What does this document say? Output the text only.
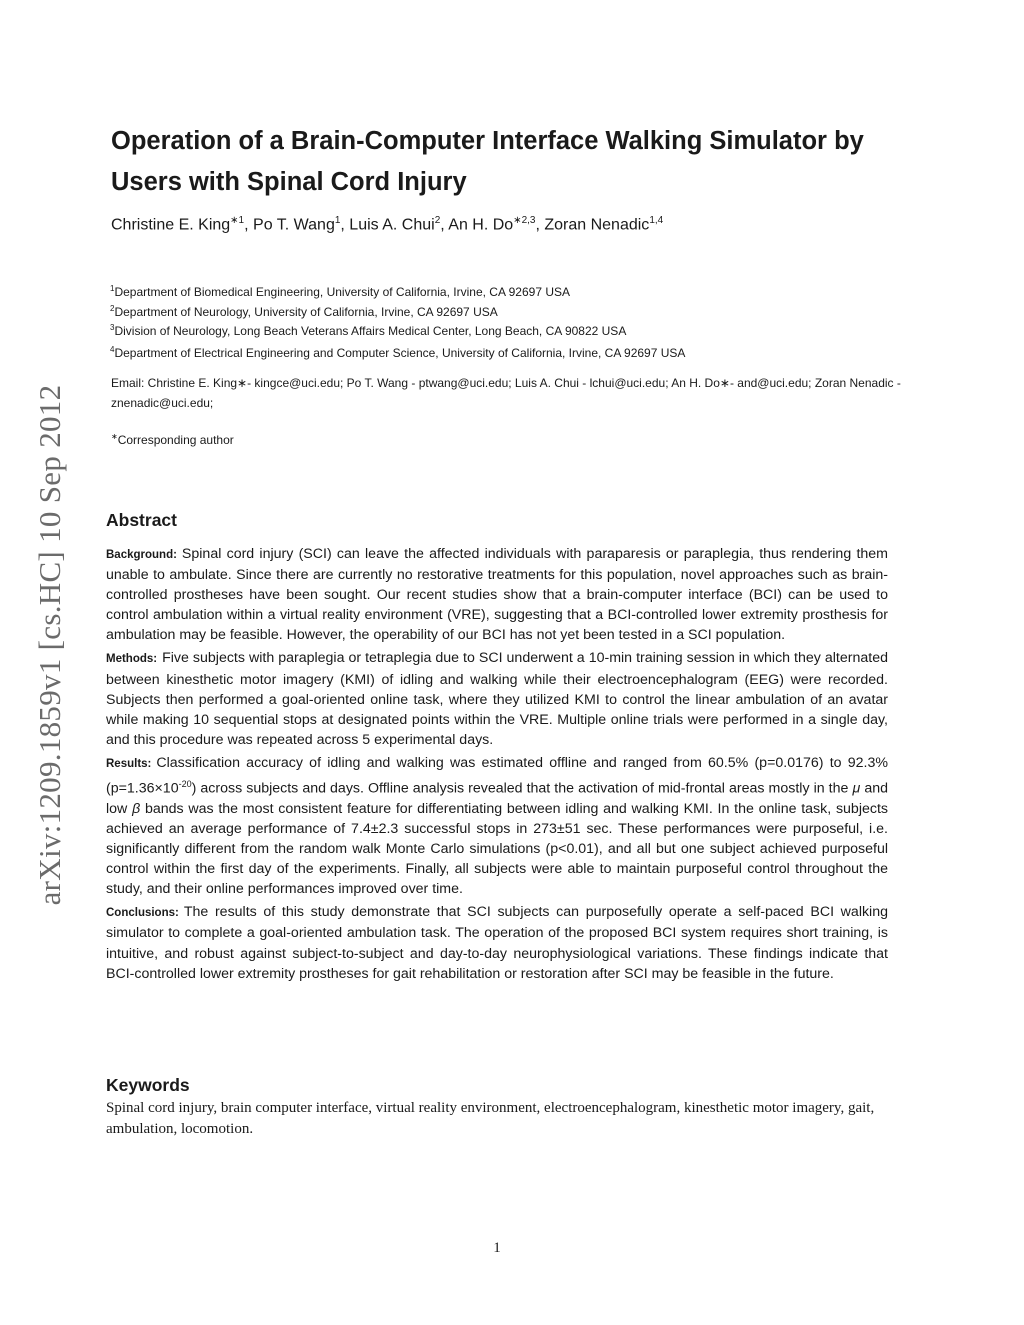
arXiv:1209.1859v1 [cs.HC] 10 Sep 2012
Operation of a Brain-Computer Interface Walking Simulator by Users with Spinal Cord Injury
Christine E. King$^{∗1}$, Po T. Wang$^1$, Luis A. Chui$^2$, An H. $Do^{∗2,3}$, Zoran Nenadic$^{1,4}$
$^1$Department of Biomedical Engineering, University of California, Irvine, CA 92697 USA
$^2$Department of Neurology, University of California, Irvine, CA 92697 USA
$^3$Division of Neurology, Long Beach Veterans Affairs Medical Center, Long Beach, CA 90822 USA
$^4$Department of Electrical Engineering and Computer Science, University of California, Irvine, CA 92697 USA
Email: Christine E. King∗- kingce@uci.edu; Po T. Wang - ptwang@uci.edu; Luis A. Chui - lchui@uci.edu; An H. Do∗- and@uci.edu; Zoran Nenadic - znenadic@uci.edu;
∗Corresponding author
Abstract

Background: Spinal cord injury (SCI) can leave the affected individuals with paraparesis or paraplegia, thus rendering them unable to ambulate. Since there are currently no restorative treatments for this population, novel approaches such as brain-controlled prostheses have been sought. Our recent studies show that a brain-computer interface (BCI) can be used to control ambulation within a virtual reality environment (VRE), suggesting that a BCI-controlled lower extremity prosthesis for ambulation may be feasible. However, the operability of our BCI has not yet been tested in a SCI population.

Methods: Five subjects with paraplegia or tetraplegia due to SCI underwent a 10-min training session in which they alternated between kinesthetic motor imagery (KMI) of idling and walking while their electroencephalogram (EEG) were recorded. Subjects then performed a goal-oriented online task, where they utilized KMI to control the linear ambulation of an avatar while making 10 sequential stops at designated points within the VRE. Multiple online trials were performed in a single day, and this procedure was repeated across 5 experimental days.

Results: Classification accuracy of idling and walking was estimated offline and ranged from 60.5% (p=0.0176) to 92.3% $(p=1.36\times 10^{-20})$ across subjects and days. Offline analysis revealed that the activation of mid-frontal areas mostly in the μ and low β bands was the most consistent feature for differentiating between idling and walking KMI. In the online task, subjects achieved an average performance of 7.4±2.3 successful stops in 273±51 sec. These performances were purposeful, i.e. significantly different from the random walk Monte Carlo simulations (p<0.01), and all but one subject achieved purposeful control within the first day of the experiments. Finally, all subjects were able to maintain purposeful control throughout the study, and their online performances improved over time.

Conclusions: The results of this study demonstrate that SCI subjects can purposefully operate a self-paced BCI walking simulator to complete a goal-oriented ambulation task. The operation of the proposed BCI system requires short training, is intuitive, and robust against subject-to-subject and day-to-day neurophysiological variations. These findings indicate that BCI-controlled lower extremity prostheses for gait rehabilitation or restoration after SCI may be feasible in the future.

Keywords
Spinal cord injury, brain computer interface, virtual reality environment, electroencephalogram, kinesthetic motor imagery, gait, ambulation, locomotion.
1
